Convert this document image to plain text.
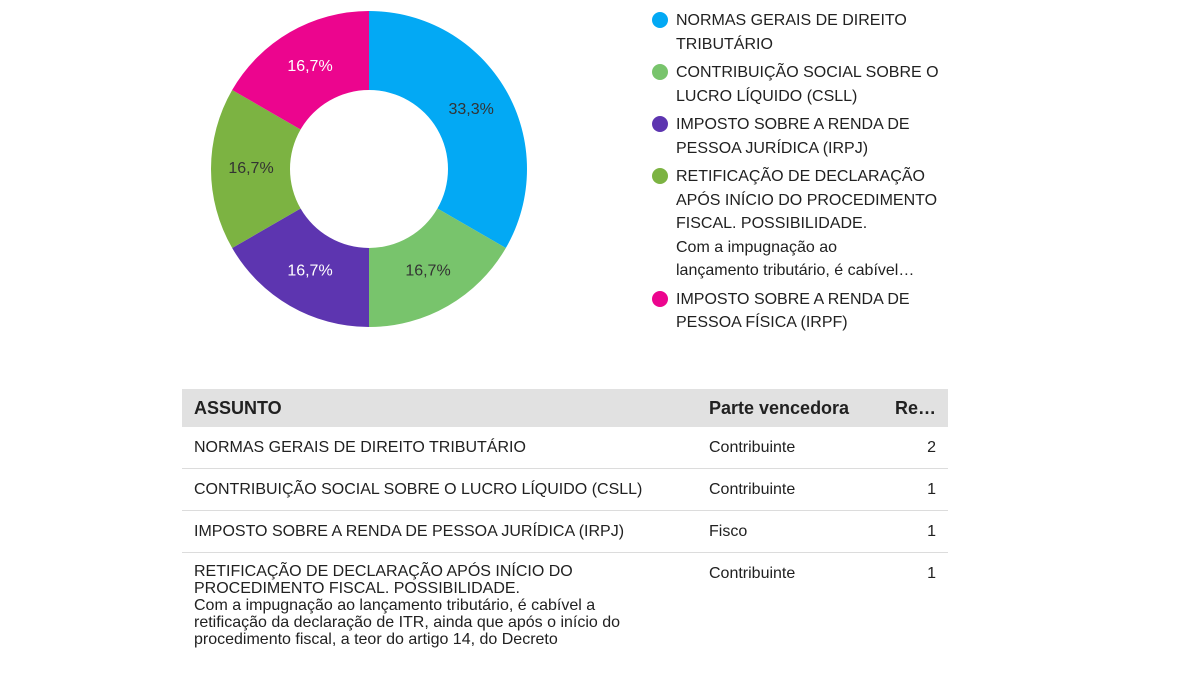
33,3%
16,7%
16,7%
16,7%
16,7%
NORMAS GERAIS DE DIREITO
TRIBUTÁRIO
CONTRIBUIÇÃO SOCIAL SOBRE O
LUCRO LÍQUIDO (CSLL)
IMPOSTO SOBRE A RENDA DE
PESSOA JURÍDICA (IRPJ)
RETIFICAÇÃO DE DECLARAÇÃO
APÓS INÍCIO DO PROCEDIMENTO
FISCAL. POSSIBILIDADE.
Com a impugnação ao
lançamento tributário, é cabível…
IMPOSTO SOBRE A RENDA DE
PESSOA FÍSICA (IRPF)
ASSUNTO	Parte vencedora	Re…
NORMAS GERAIS DE DIREITO TRIBUTÁRIO	Contribuinte	2
CONTRIBUIÇÃO SOCIAL SOBRE O LUCRO LÍQUIDO (CSLL)	Contribuinte	1
IMPOSTO SOBRE A RENDA DE PESSOA JURÍDICA (IRPJ)	Fisco	1
RETIFICAÇÃO DE DECLARAÇÃO APÓS INÍCIO DO
PROCEDIMENTO FISCAL. POSSIBILIDADE.
Com a impugnação ao lançamento tributário, é cabível a
retificação da declaração de ITR, ainda que após o início do
procedimento fiscal, a teor do artigo 14, do Decreto	Contribuinte	1
